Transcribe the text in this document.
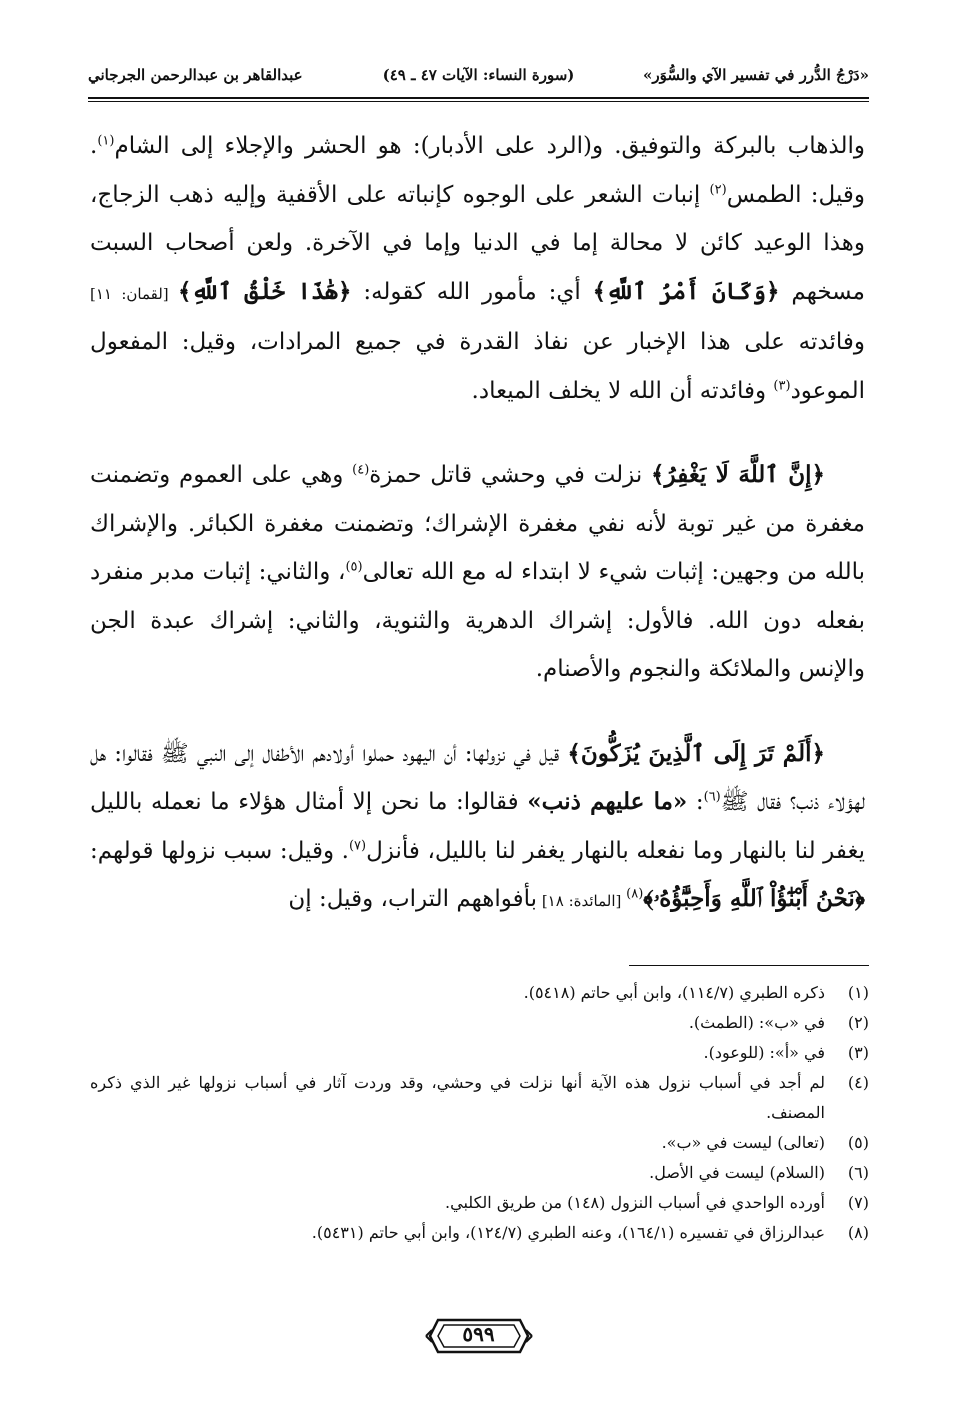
«دَرْجُ الدُّرر في تفسير الآي والسُّوَر»
(سورة النساء: الآيات ٤٧ ـ ٤٩)
عبدالقاهر بن عبدالرحمن الجرجاني

والذهاب بالبركة والتوفيق. و(الرد على الأدبار): هو الحشر والإجلاء إلى الشام$^{(١)}$. وقيل: الطمس$^{(٢)}$ إنبات الشعر على الوجوه كإنباته على الأقفية وإليه ذهب الزجاج، وهذا الوعيد كائن لا محالة إما في الدنيا وإما في الآخرة. ولعن أصحاب السبت مسخهم ﴿وَكَانَ أَمْرُ ٱللَّهِ﴾ أي: مأمور الله كقوله: ﴿هَٰذَا خَلْقُ ٱللَّهِ﴾ [لقمان: ١١] وفائدته على هذا الإخبار عن نفاذ القدرة في جميع المرادات، وقيل: المفعول الموعود$^{(٣)}$ وفائدته أن الله لا يخلف الميعاد.

﴿إِنَّ ٱللَّهَ لَا يَغْفِرُ﴾ نزلت في وحشي قاتل حمزة$^{(٤)}$ وهي على العموم وتضمنت مغفرة من غير توبة لأنه نفي مغفرة الإشراك؛ وتضمنت مغفرة الكبائر. والإشراك بالله من وجهين: إثبات شيء لا ابتداء له مع الله تعالى$^{(٥)}$، والثاني: إثبات مدبر منفرد بفعله دون الله. فالأول: إشراك الدهرية والثنوية، والثاني: إشراك عبدة الجن والإنس والملائكة والنجوم والأصنام.

﴿أَلَمْ تَرَ إِلَى ٱلَّذِينَ يُزَكُّونَ﴾ قيل في نزولها: أن اليهود حملوا أولادهم الأطفال إلى النبي ﷺ فقالوا: هل لهؤلاء ذنب؟ فقال ﷺ$^{(٦)}$: «ما عليهم ذنب» فقالوا: ما نحن إلا أمثال هؤلاء ما نعمله بالليل يغفر لنا بالنهار وما نفعله بالنهار يغفر لنا بالليل، فأنزل$^{(٧)}$. وقيل: سبب نزولها قولهم: ﴿نَحْنُ أَبْنَٰٓؤُاْ ٱللَّهِ وَأَحِبَّٰٓؤُهُۥ﴾$^{(٨)}$ [المائدة: ١٨] بأفواههم التراب، وقيل: إن

(١)
ذكره الطبري (١١٤/٧)، وابن أبي حاتم (٥٤١٨).

(٢)
في «ب»: (الطمث).

(٣)
في «أ»: (للوعود).

(٤)
لم أجد في أسباب نزول هذه الآية أنها نزلت في وحشي، وقد وردت آثار في أسباب نزولها غير الذي ذكره المصنف.

(٥)
(تعالى) ليست في «ب».

(٦)
(السلام) ليست في الأصل.

(٧)
أورده الواحدي في أسباب النزول (١٤٨) من طريق الكلبي.

(٨)
عبدالرزاق في تفسيره (١٦٤/١)، وعنه الطبري (١٢٤/٧)، وابن أبي حاتم (٥٤٣١).

٥٩٩
